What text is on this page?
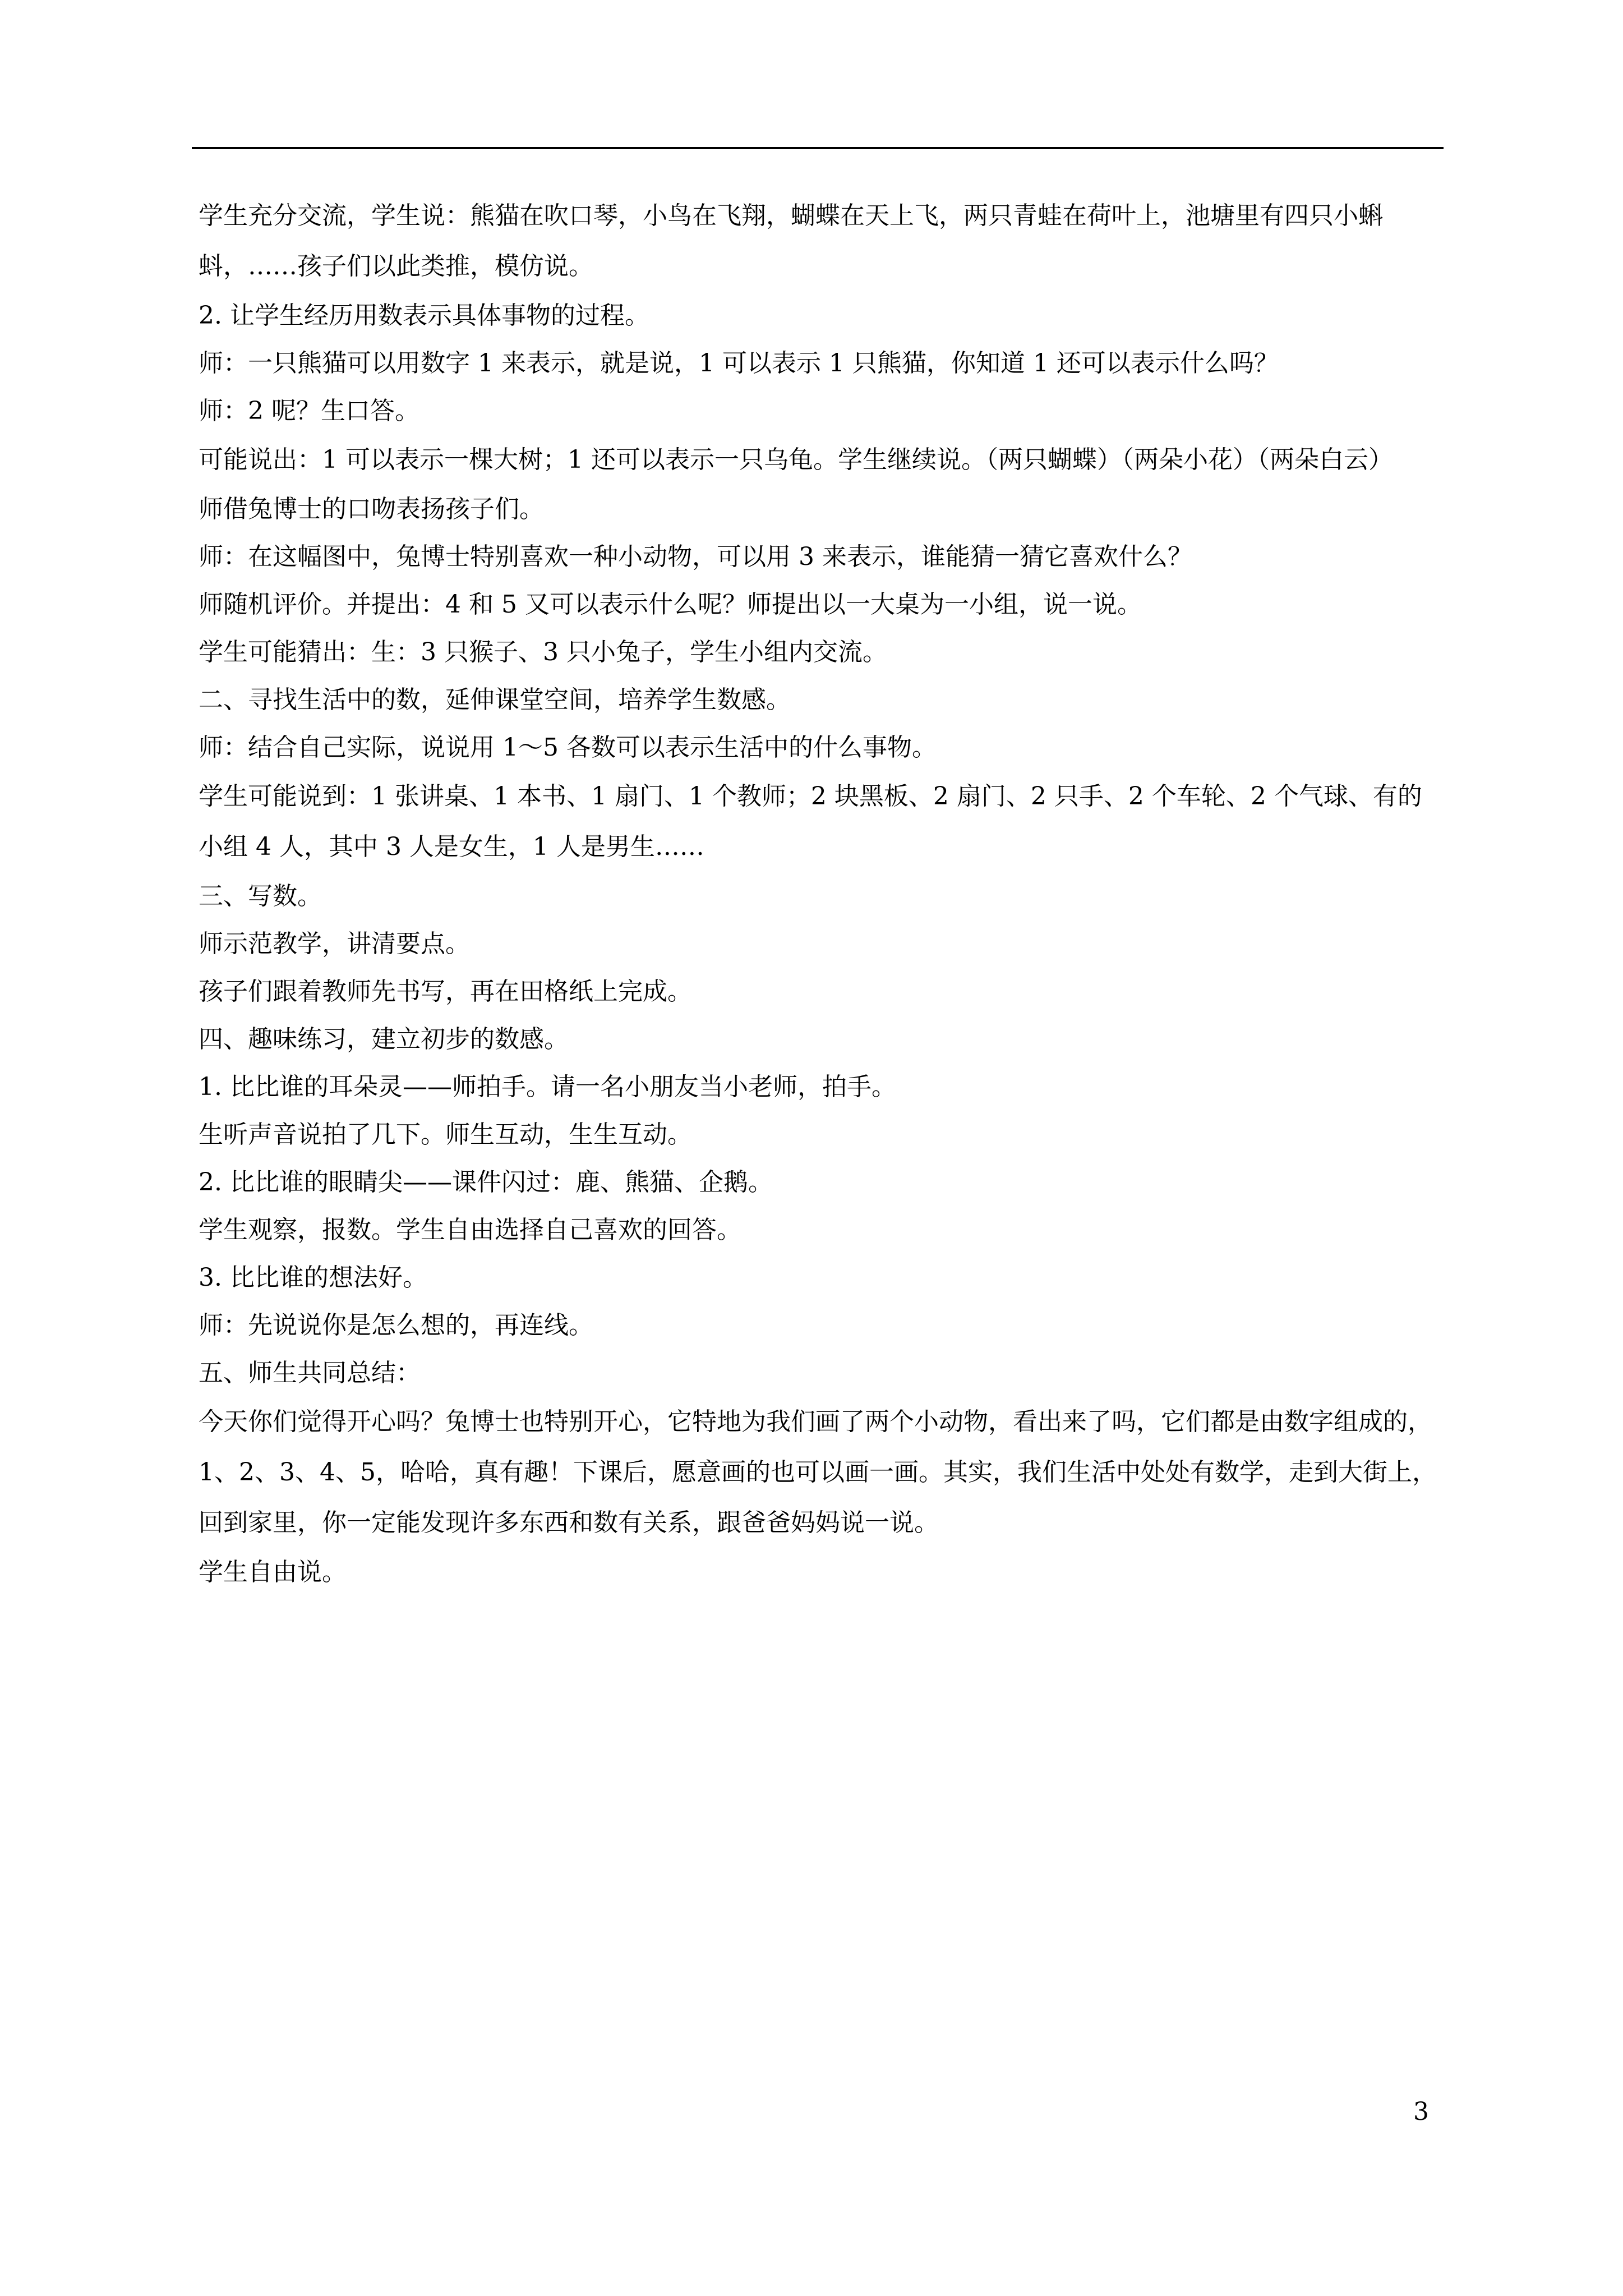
学生充分交流，学生说：熊猫在吹口琴，小鸟在飞翔，蝴蝶在天上飞，两只青蛙在荷叶上，池塘里有四只小蝌蚪，……孩子们以此类推，模仿说。

2. 让学生经历用数表示具体事物的过程。

师：一只熊猫可以用数字 1 来表示，就是说，1 可以表示 1 只熊猫，你知道 1 还可以表示什么吗？

师：2 呢？生口答。

可能说出：1 可以表示一棵大树；1 还可以表示一只乌龟。学生继续说。（两只蝴蝶）（两朵小花）（两朵白云）

师借兔博士的口吻表扬孩子们。

师：在这幅图中，兔博士特别喜欢一种小动物，可以用 3 来表示，谁能猜一猜它喜欢什么？

师随机评价。并提出：4 和 5 又可以表示什么呢？师提出以一大桌为一小组，说一说。

学生可能猜出：生：3 只猴子、3 只小兔子，学生小组内交流。

二、寻找生活中的数，延伸课堂空间，培养学生数感。

师：结合自己实际，说说用 1～5 各数可以表示生活中的什么事物。

学生可能说到：1 张讲桌、1 本书、1 扇门、1 个教师；2 块黑板、2 扇门、2 只手、2 个车轮、2 个气球、有的小组 4 人，其中 3 人是女生，1 人是男生……

三、写数。

师示范教学，讲清要点。

孩子们跟着教师先书写，再在田格纸上完成。

四、趣味练习，建立初步的数感。

1. 比比谁的耳朵灵——师拍手。请一名小朋友当小老师，拍手。

生听声音说拍了几下。师生互动，生生互动。

2. 比比谁的眼睛尖——课件闪过：鹿、熊猫、企鹅。

学生观察，报数。学生自由选择自己喜欢的回答。

3. 比比谁的想法好。

师：先说说你是怎么想的，再连线。

五、师生共同总结：

今天你们觉得开心吗？兔博士也特别开心，它特地为我们画了两个小动物，看出来了吗，它们都是由数字组成的，1、2、3、4、5，哈哈，真有趣！下课后，愿意画的也可以画一画。其实，我们生活中处处有数学，走到大街上，回到家里，你一定能发现许多东西和数有关系，跟爸爸妈妈说一说。

学生自由说。

3
